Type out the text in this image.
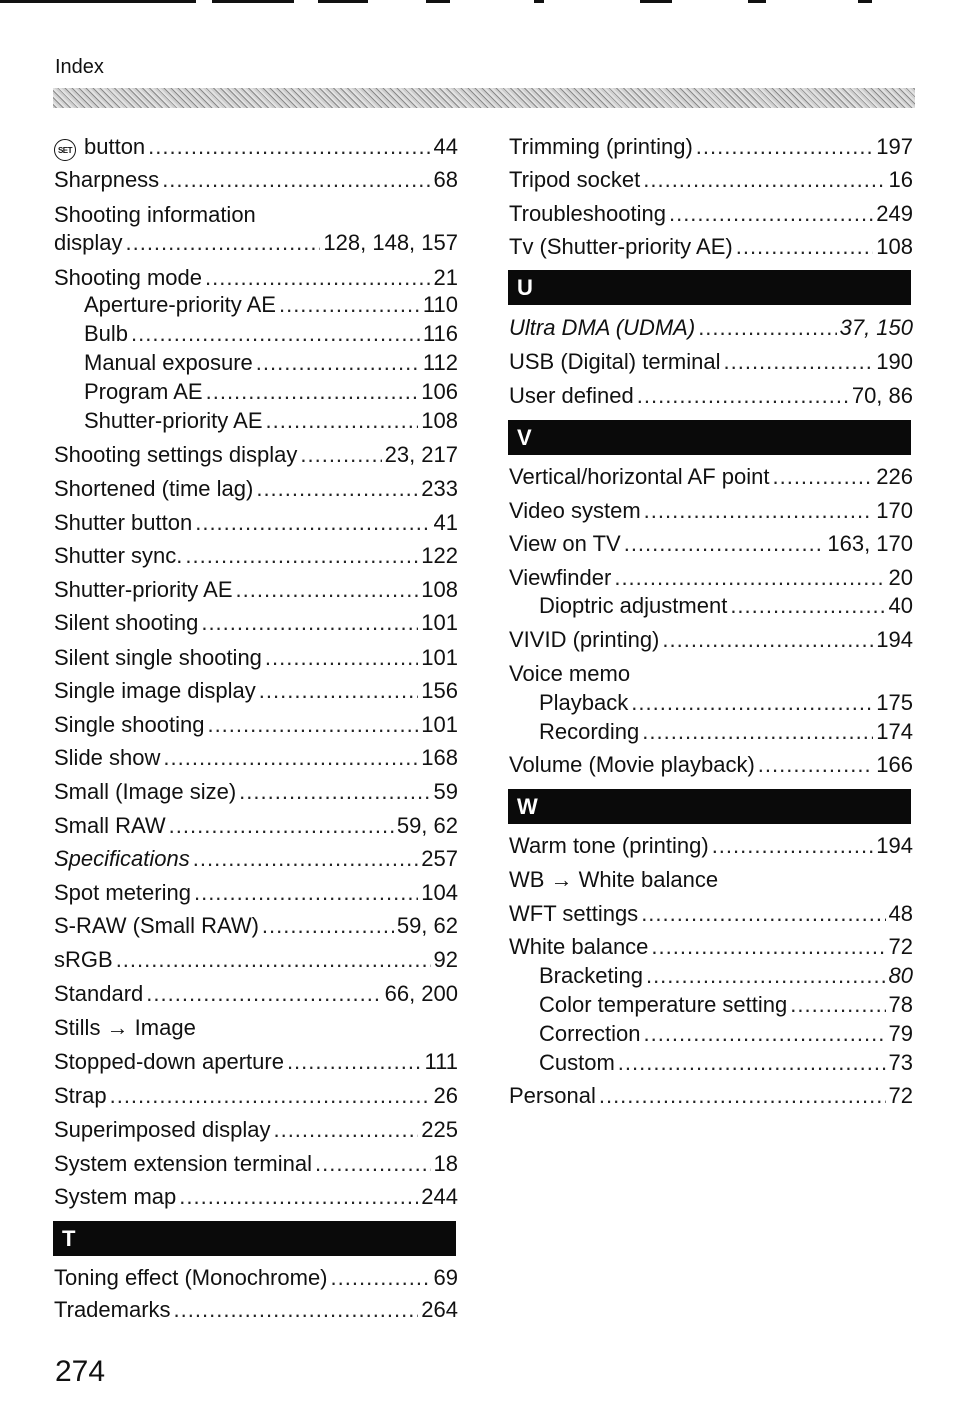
Index
SET button .....	44
Sharpness .....	68
Shooting information
display .....	128, 148, 157
Shooting mode .....	21
Aperture-priority AE .....	110
Bulb .....	116
Manual exposure .....	112
Program AE .....	106
Shutter-priority AE .....	108
Shooting settings display .....	23, 217
Shortened (time lag) .....	233
Shutter button .....	41
Shutter sync. .....	122
Shutter-priority AE .....	108
Silent shooting .....	101
Silent single shooting .....	101
Single image display .....	156
Single shooting .....	101
Slide show .....	168
Small (Image size) .....	59
Small RAW .....	59, 62
Specifications .....	257
Spot metering .....	104
S-RAW (Small RAW) .....	59, 62
sRGB .....	92
Standard .....	66, 200
Stills → Image
Stopped-down aperture .....	111
Strap .....	26
Superimposed display .....	225
System extension terminal .....	18
System map .....	244
T
Toning effect (Monochrome) .....	69
Trademarks .....	264
Trimming (printing) .....	197
Tripod socket .....	16
Troubleshooting .....	249
Tv (Shutter-priority AE) .....	108
U
Ultra DMA (UDMA) .....	37, 150
USB (Digital) terminal .....	190
User defined .....	70, 86
V
Vertical/horizontal AF point .....	226
Video system .....	170
View on TV .....	163, 170
Viewfinder .....	20
Dioptric adjustment .....	40
VIVID (printing) .....	194
Voice memo
Playback .....	175
Recording .....	174
Volume (Movie playback) .....	166
W
Warm tone (printing) .....	194
WB → White balance
WFT settings .....	48
White balance .....	72
Bracketing .....	80
Color temperature setting .....	78
Correction .....	79
Custom .....	73
Personal .....	72
274
